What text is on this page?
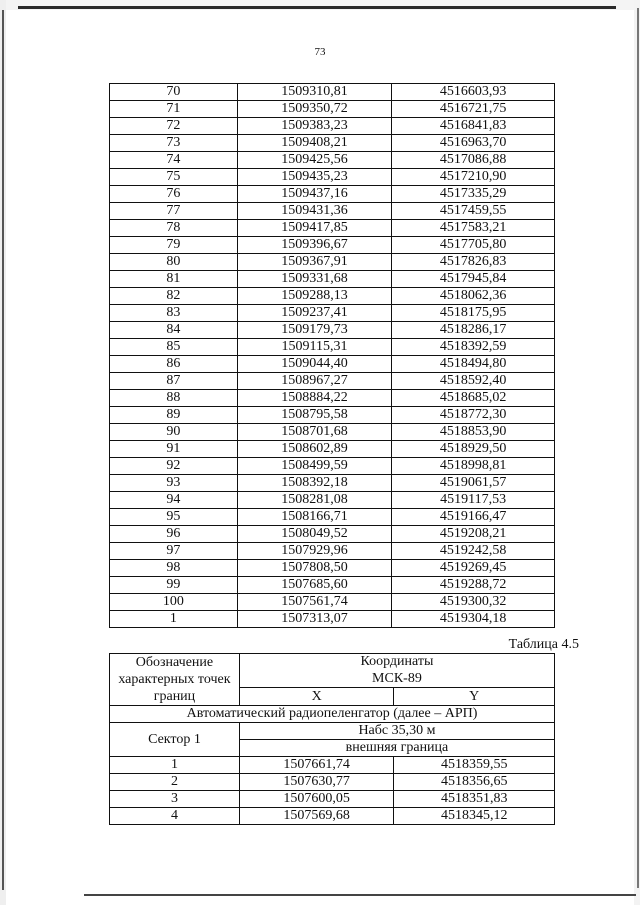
73
70	1509310,81	4516603,93
71	1509350,72	4516721,75
72	1509383,23	4516841,83
73	1509408,21	4516963,70
74	1509425,56	4517086,88
75	1509435,23	4517210,90
76	1509437,16	4517335,29
77	1509431,36	4517459,55
78	1509417,85	4517583,21
79	1509396,67	4517705,80
80	1509367,91	4517826,83
81	1509331,68	4517945,84
82	1509288,13	4518062,36
83	1509237,41	4518175,95
84	1509179,73	4518286,17
85	1509115,31	4518392,59
86	1509044,40	4518494,80
87	1508967,27	4518592,40
88	1508884,22	4518685,02
89	1508795,58	4518772,30
90	1508701,68	4518853,90
91	1508602,89	4518929,50
92	1508499,59	4518998,81
93	1508392,18	4519061,57
94	1508281,08	4519117,53
95	1508166,71	4519166,47
96	1508049,52	4519208,21
97	1507929,96	4519242,58
98	1507808,50	4519269,45
99	1507685,60	4519288,72
100	1507561,74	4519300,32
1	1507313,07	4519304,18
Таблица 4.5
Обозначение
характерных точек
границ	Координаты	
	МСК-89	
	X	Y
Автоматический радиопеленгатор (далее – АРП)		
Сектор 1	Набс 35,30 м	
	внешняя граница	
1	1507661,74	4518359,55
2	1507630,77	4518356,65
3	1507600,05	4518351,83
4	1507569,68	4518345,12
